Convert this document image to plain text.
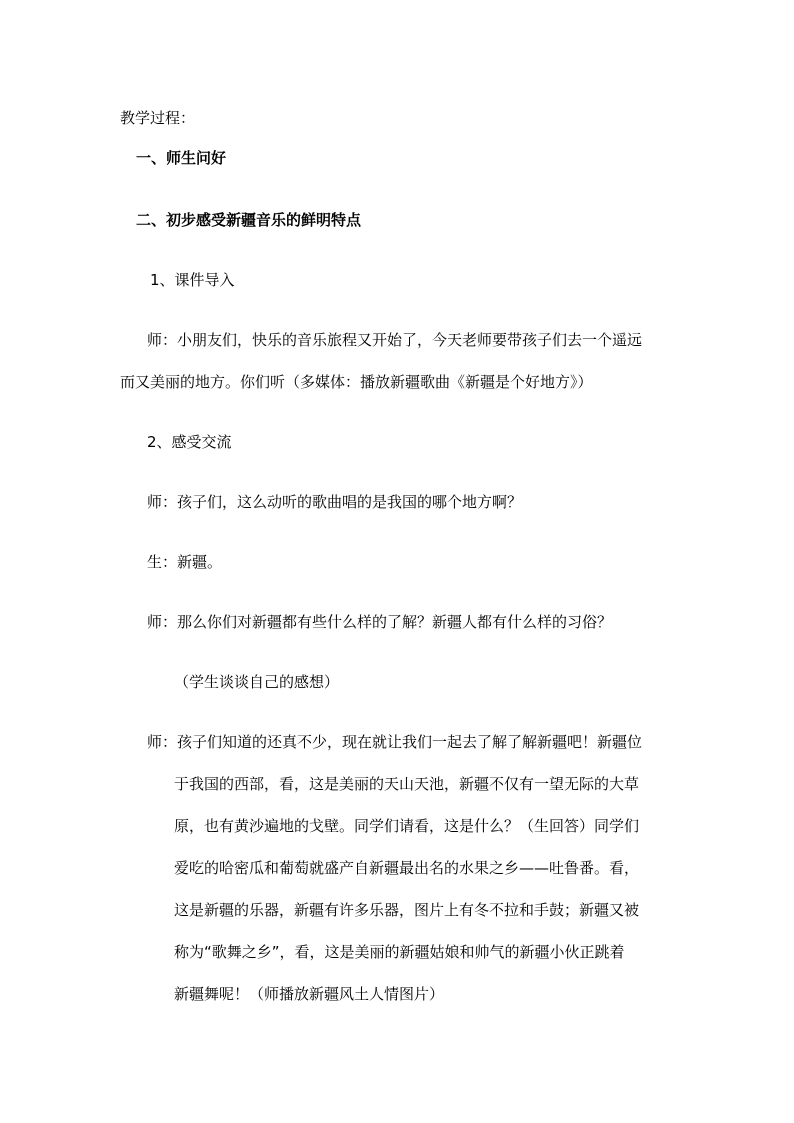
教学过程：
一、师生问好
二、初步感受新疆音乐的鲜明特点
1、课件导入
师：小朋友们，快乐的音乐旅程又开始了，今天老师要带孩子们去一个遥远
而又美丽的地方。你们听（多媒体：播放新疆歌曲《新疆是个好地方》）
2、感受交流
师：孩子们，这么动听的歌曲唱的是我国的哪个地方啊？
生：新疆。
师：那么你们对新疆都有些什么样的了解？新疆人都有什么样的习俗？
（学生谈谈自己的感想）
师：孩子们知道的还真不少，现在就让我们一起去了解了解新疆吧！新疆位
于我国的西部，看，这是美丽的天山天池，新疆不仅有一望无际的大草
原，也有黄沙遍地的戈壁。同学们请看，这是什么？（生回答）同学们
爱吃的哈密瓜和葡萄就盛产自新疆最出名的水果之乡——吐鲁番。看，
这是新疆的乐器，新疆有许多乐器，图片上有冬不拉和手鼓；新疆又被
称为“歌舞之乡”，看，这是美丽的新疆姑娘和帅气的新疆小伙正跳着
新疆舞呢！（师播放新疆风土人情图片）
